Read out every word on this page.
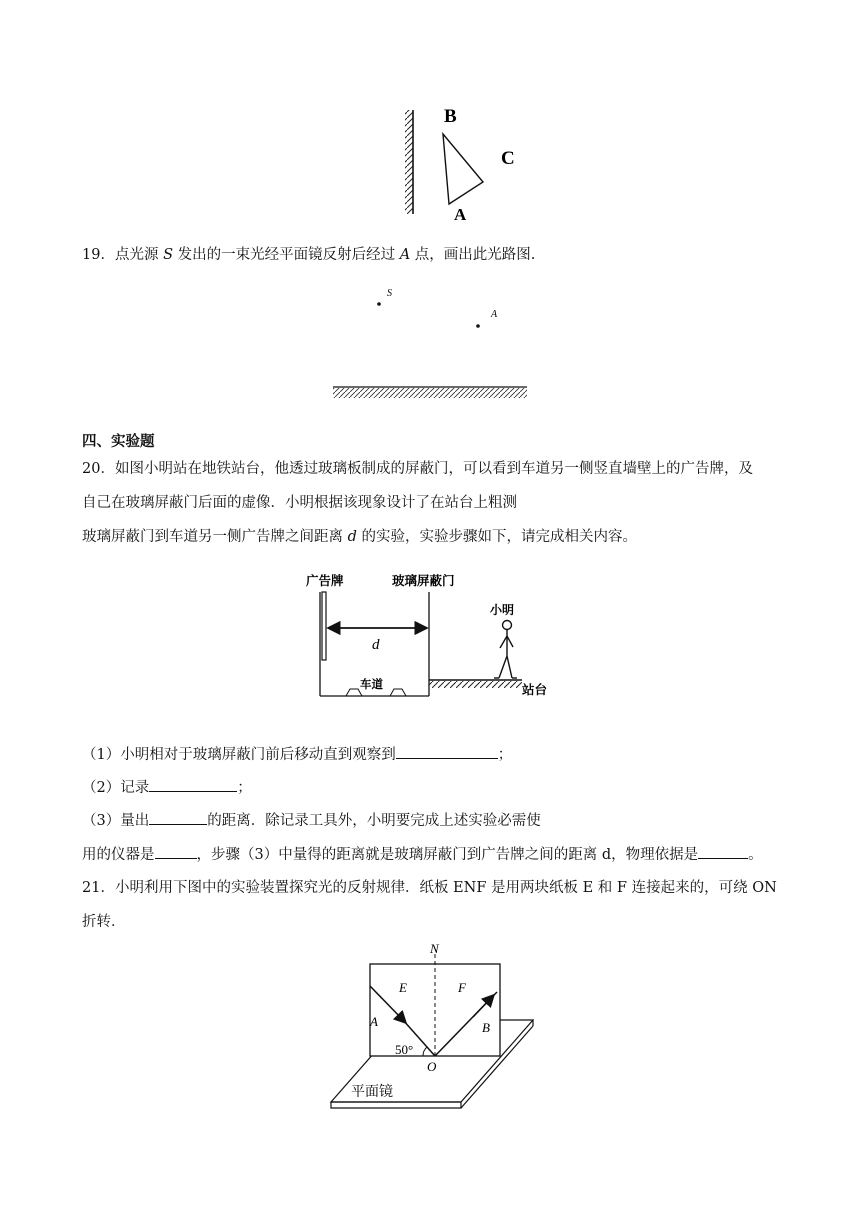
B
C
A
19．点光源 S 发出的一束光经平面镜反射后经过 A 点，画出此光路图.
S
A
四、实验题
20．如图小明站在地铁站台，他透过玻璃板制成的屏蔽门，可以看到车道另一侧竖直墙壁上的广告牌，及
自己在玻璃屏蔽门后面的虚像．小明根据该现象设计了在站台上粗测
玻璃屏蔽门到车道另一侧广告牌之间距离 d 的实验，实验步骤如下，请完成相关内容。
广告牌	玻璃屏蔽门
d
车道	站台
小明
（1）小明相对于玻璃屏蔽门前后移动直到观察到	；
（2）记录	；
（3）量出	的距离．除记录工具外，小明要完成上述实验必需使
用的仪器是	，步骤（3）中量得的距离就是玻璃屏蔽门到广告牌之间的距离 d，物理依据是	。
21．小明利用下图中的实验装置探究光的反射规律．纸板 ENF 是用两块纸板 E 和 F 连接起来的，可绕 ON
折转．
平面镜
N
E	F
A	B
50°
O
